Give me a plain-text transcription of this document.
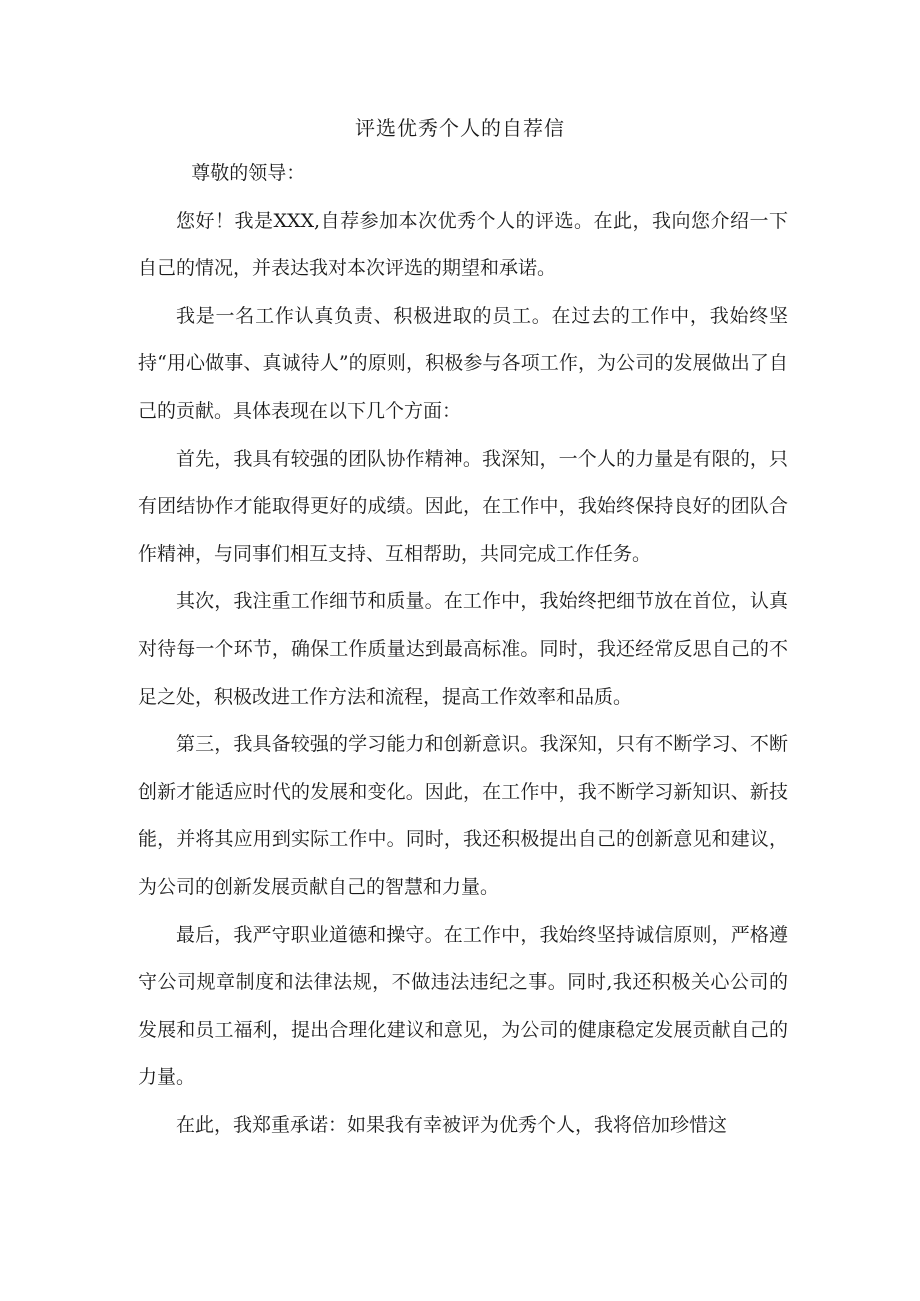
评选优秀个人的自荐信

尊敬的领导：

您好！我是XXX,自荐参加本次优秀个人的评选。在此，我向您介绍一下自己的情况，并表达我对本次评选的期望和承诺。

我是一名工作认真负责、积极进取的员工。在过去的工作中，我始终坚持“用心做事、真诚待人”的原则，积极参与各项工作，为公司的发展做出了自己的贡献。具体表现在以下几个方面：

首先，我具有较强的团队协作精神。我深知，一个人的力量是有限的，只有团结协作才能取得更好的成绩。因此，在工作中，我始终保持良好的团队合作精神，与同事们相互支持、互相帮助，共同完成工作任务。

其次，我注重工作细节和质量。在工作中，我始终把细节放在首位，认真对待每一个环节，确保工作质量达到最高标准。同时，我还经常反思自己的不足之处，积极改进工作方法和流程，提高工作效率和品质。

第三，我具备较强的学习能力和创新意识。我深知，只有不断学习、不断创新才能适应时代的发展和变化。因此，在工作中，我不断学习新知识、新技能，并将其应用到实际工作中。同时，我还积极提出自己的创新意见和建议，为公司的创新发展贡献自己的智慧和力量。

最后，我严守职业道德和操守。在工作中，我始终坚持诚信原则，严格遵守公司规章制度和法律法规，不做违法违纪之事。同时,我还积极关心公司的发展和员工福利，提出合理化建议和意见，为公司的健康稳定发展贡献自己的力量。

在此，我郑重承诺：如果我有幸被评为优秀个人，我将倍加珍惜这
